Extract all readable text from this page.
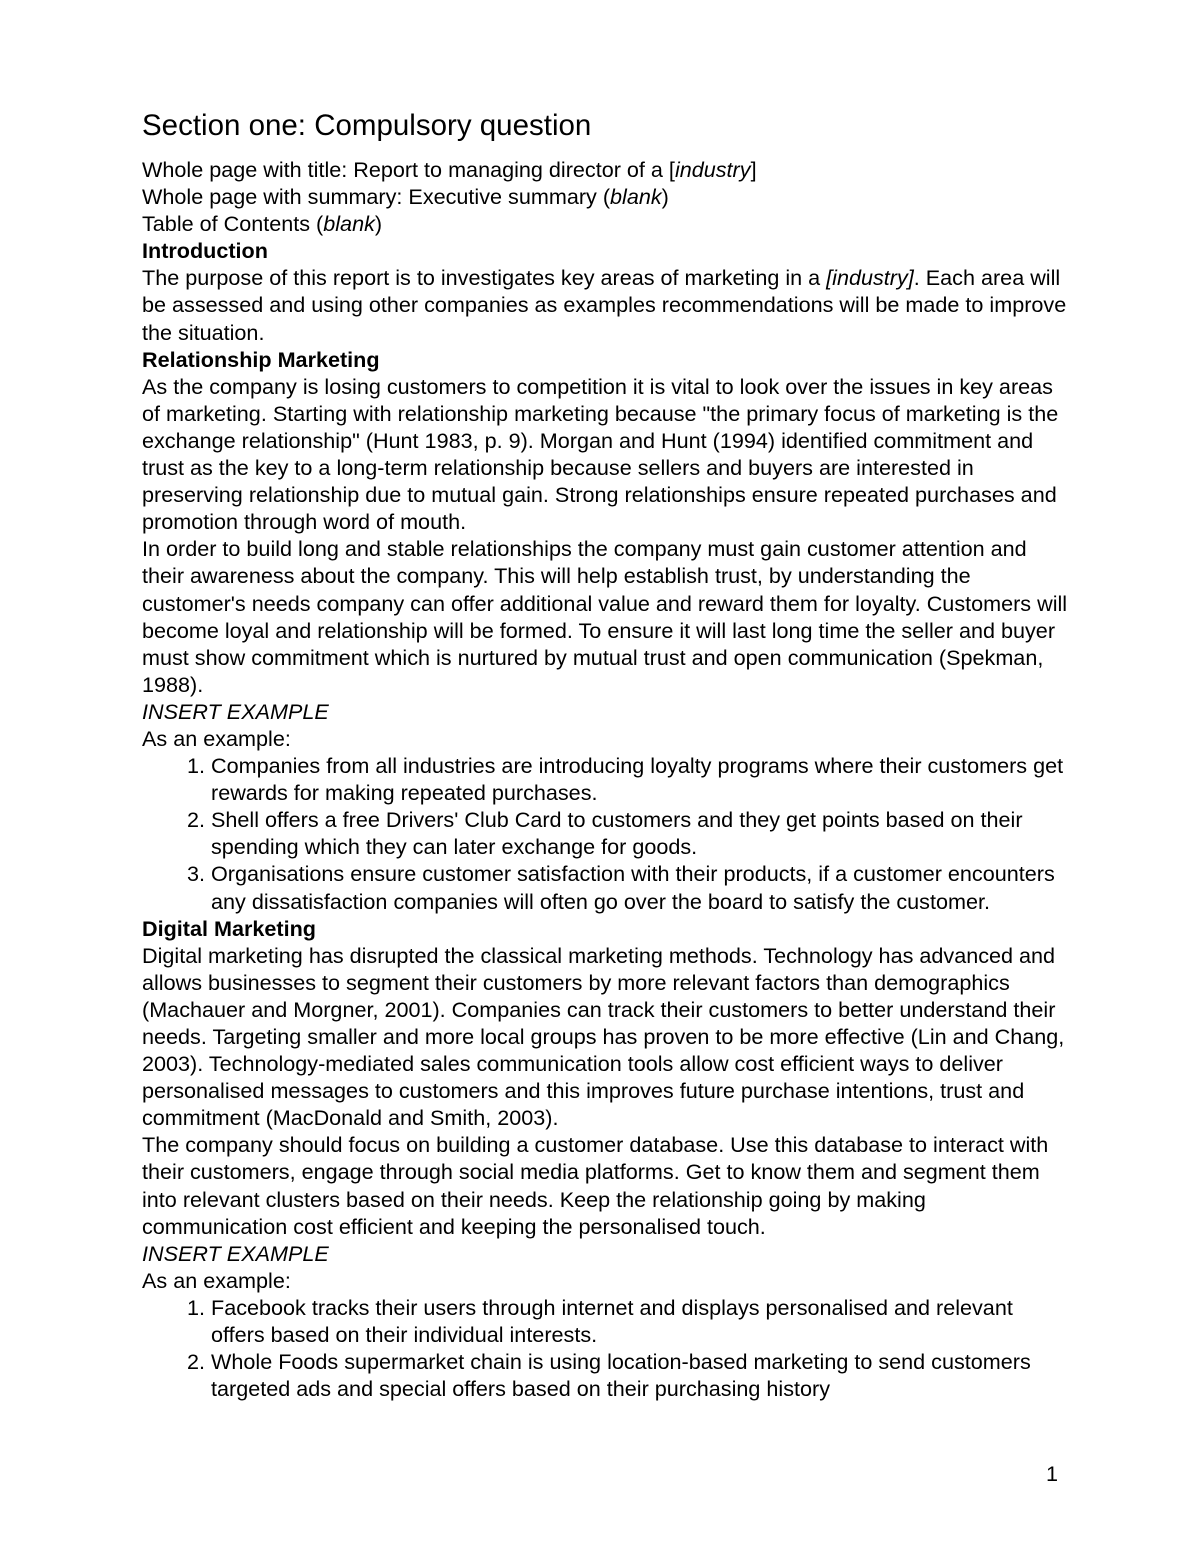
Section one: Compulsory question
Whole page with title: Report to managing director of a [industry]
Whole page with summary: Executive summary (blank)
Table of Contents (blank)
Introduction

The purpose of this report is to investigates key areas of marketing in a [industry]. Each area will be assessed and using other companies as examples recommendations will be made to improve the situation.

Relationship Marketing

As the company is losing customers to competition it is vital to look over the issues in key areas of marketing. Starting with relationship marketing because "the primary focus of marketing is the exchange relationship" (Hunt 1983, p. 9). Morgan and Hunt (1994) identified commitment and trust as the key to a long-term relationship because sellers and buyers are interested in preserving relationship due to mutual gain. Strong relationships ensure repeated purchases and promotion through word of mouth.

In order to build long and stable relationships the company must gain customer attention and their awareness about the company. This will help establish trust, by understanding the customer's needs company can offer additional value and reward them for loyalty. Customers will become loyal and relationship will be formed. To ensure it will last long time the seller and buyer must show commitment which is nurtured by mutual trust and open communication (Spekman, 1988).

INSERT EXAMPLE

As an example:

1. Companies from all industries are introducing loyalty programs where their customers get rewards for making repeated purchases.
2. Shell offers a free Drivers' Club Card to customers and they get points based on their spending which they can later exchange for goods.
3. Organisations ensure customer satisfaction with their products, if a customer encounters any dissatisfaction companies will often go over the board to satisfy the customer.
Digital Marketing

Digital marketing has disrupted the classical marketing methods. Technology has advanced and allows businesses to segment their customers by more relevant factors than demographics (Machauer and Morgner, 2001). Companies can track their customers to better understand their needs. Targeting smaller and more local groups has proven to be more effective (Lin and Chang, 2003). Technology-mediated sales communication tools allow cost efficient ways to deliver personalised messages to customers and this improves future purchase intentions, trust and commitment (MacDonald and Smith, 2003).

The company should focus on building a customer database. Use this database to interact with their customers, engage through social media platforms. Get to know them and segment them into relevant clusters based on their needs. Keep the relationship going by making communication cost efficient and keeping the personalised touch.

INSERT EXAMPLE

As an example:

1. Facebook tracks their users through internet and displays personalised and relevant offers based on their individual interests.
2. Whole Foods supermarket chain is using location-based marketing to send customers targeted ads and special offers based on their purchasing history
1
